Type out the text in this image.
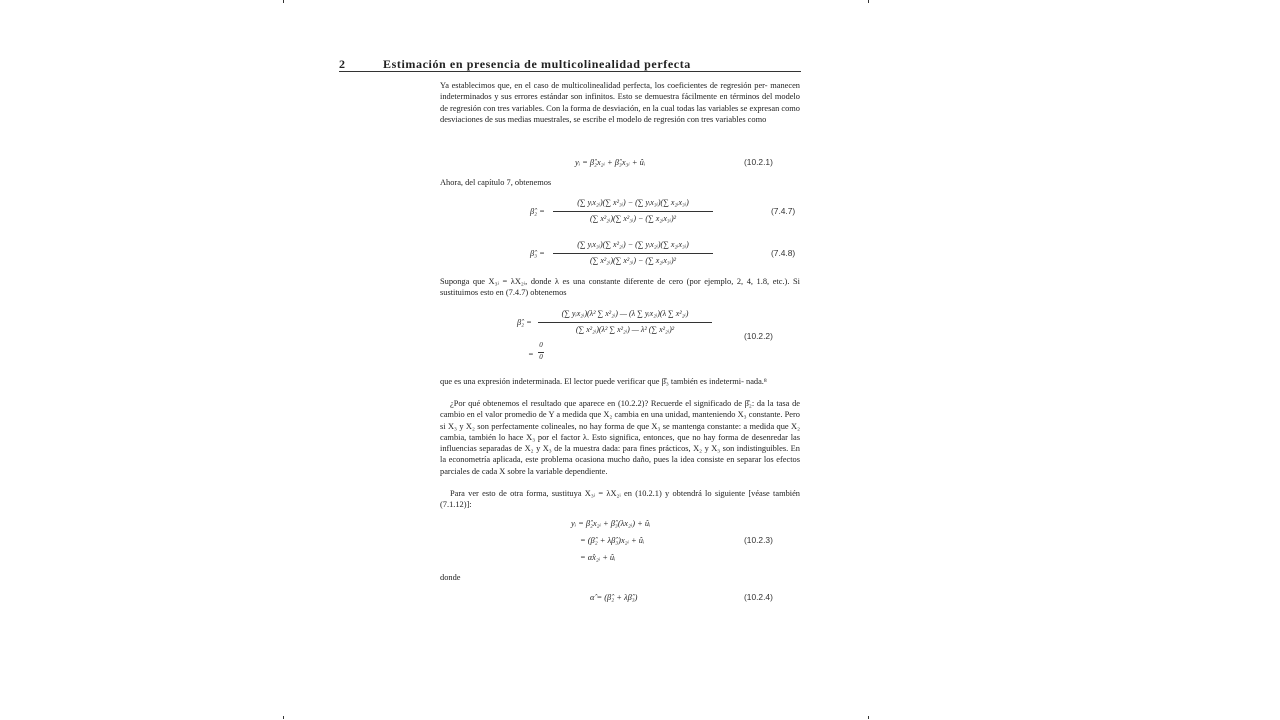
2	Estimación en presencia de multicolinealidad perfecta

Ya establecimos que, en el caso de multicolinealidad perfecta, los coeficientes de regresión per- manecen indeterminados y sus errores estándar son infinitos. Esto se demuestra fácilmente en términos del modelo de regresión con tres variables. Con la forma de desviación, en la cual todas las variables se expresan como desviaciones de sus medias muestrales, se escribe el modelo de regresión con tres variables como

yᵢ = β̂₂x₂ᵢ + β̂₃x₃ᵢ + ûᵢ	(10.2.1)
Ahora, del capítulo 7, obtenemos
β̂₂ =
(∑ yᵢx₂ᵢ)(∑ x²₃ᵢ) − (∑ yᵢx₃ᵢ)(∑ x₂ᵢx₃ᵢ)
(∑ x²₂ᵢ)(∑ x²₃ᵢ) − (∑ x₂ᵢx₃ᵢ)²
(7.4.7)
β̂₃ =
(∑ yᵢx₃ᵢ)(∑ x²₂ᵢ) − (∑ yᵢx₂ᵢ)(∑ x₂ᵢx₃ᵢ)
(∑ x²₂ᵢ)(∑ x²₃ᵢ) − (∑ x₂ᵢx₃ᵢ)²
(7.4.8)

Suponga que X₃ᵢ = λX₂ᵢ, donde λ es una constante diferente de cero (por ejemplo, 2, 4, 1.8, etc.). Si sustituimos esto en (7.4.7) obtenemos

β̂₂ =
(∑ yᵢx₂ᵢ)(λ² ∑ x²₂ᵢ) — (λ ∑ yᵢx₂ᵢ)(λ ∑ x²₂ᵢ)
(∑ x²₂ᵢ)(λ² ∑ x²₂ᵢ) — λ² (∑ x²₂ᵢ)²
=
0
0
(10.2.2)

que es una expresión indeterminada. El lector puede verificar que β̂₃ también es indetermi- nada.⁸

¿Por qué obtenemos el resultado que aparece en (10.2.2)? Recuerde el significado de β̂₂: da la tasa de cambio en el valor promedio de Y a medida que X₂ cambia en una unidad, manteniendo X₃ constante. Pero si X₃ y X₂ son perfectamente colineales, no hay forma de que X₃ se mantenga constante: a medida que X₂ cambia, también lo hace X₃ por el factor λ. Esto significa, entonces, que no hay forma de desenredar las influencias separadas de X₂ y X₃ de la muestra dada: para fines prácticos, X₂ y X₃ son indistinguibles. En la econometría aplicada, este problema ocasiona mucho daño, pues la idea consiste en separar los efectos parciales de cada X sobre la variable dependiente.

Para ver esto de otra forma, sustituya X₃ᵢ = λX₂ᵢ en (10.2.1) y obtendrá lo siguiente [véase también (7.1.12)]:

yᵢ = β̂₂x₂ᵢ + β̂₃(λx₂ᵢ) + ûᵢ
= (β̂₂ + λβ̂₃)x₂ᵢ + ûᵢ
= α̂x₂ᵢ + ûᵢ
(10.2.3)
donde
α̂ = (β̂₂ + λβ̂₃)	(10.2.4)
